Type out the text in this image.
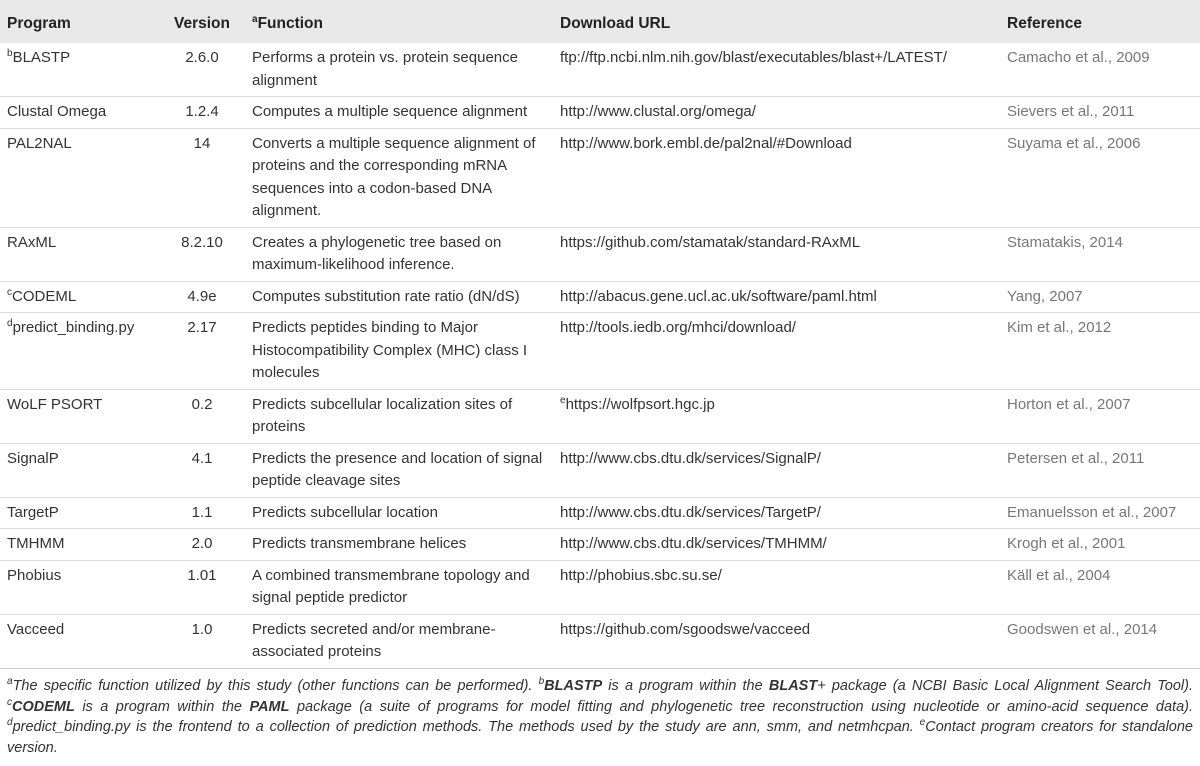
Program	Version	$^a$Function	Download URL	Reference
$^b$BLASTP	2.6.0	Performs a protein vs. protein sequence alignment	ftp://ftp.ncbi.nlm.nih.gov/blast/executables/blast+/LATEST/	Camacho et al., 2009
Clustal Omega	1.2.4	Computes a multiple sequence alignment	http://www.clustal.org/omega/	Sievers et al., 2011
PAL2NAL	14	Converts a multiple sequence alignment of proteins and the corresponding mRNA sequences into a codon-based DNA alignment.	http://www.bork.embl.de/pal2nal/#Download	Suyama et al., 2006
RAxML	8.2.10	Creates a phylogenetic tree based on maximum-likelihood inference.	https://github.com/stamatak/standard-RAxML	Stamatakis, 2014
$^c$CODEML	4.9e	Computes substitution rate ratio (dN/dS)	http://abacus.gene.ucl.ac.uk/software/paml.html	Yang, 2007
$^d$predict_binding.py	2.17	Predicts peptides binding to Major Histocompatibility Complex (MHC) class I molecules	http://tools.iedb.org/mhci/download/	Kim et al., 2012
WoLF PSORT	0.2	Predicts subcellular localization sites of proteins	$^e$https://wolfpsort.hgc.jp	Horton et al., 2007
SignalP	4.1	Predicts the presence and location of signal peptide cleavage sites	http://www.cbs.dtu.dk/services/SignalP/	Petersen et al., 2011
TargetP	1.1	Predicts subcellular location	http://www.cbs.dtu.dk/services/TargetP/	Emanuelsson et al., 2007
TMHMM	2.0	Predicts transmembrane helices	http://www.cbs.dtu.dk/services/TMHMM/	Krogh et al., 2001
Phobius	1.01	A combined transmembrane topology and signal peptide predictor	http://phobius.sbc.su.se/	Käll et al., 2004
Vacceed	1.0	Predicts secreted and/or membrane-associated proteins	https://github.com/sgoodswe/vacceed	Goodswen et al., 2014
$^a$The specific function utilized by this study (other functions can be performed). $^b$BLASTP is a program within the BLAST+ package (a NCBI Basic Local Alignment Search Tool). $^c$CODEML is a program within the PAML package (a suite of programs for model fitting and phylogenetic tree reconstruction using nucleotide or amino-acid sequence data). $^d$predict_binding.py is the frontend to a collection of prediction methods. The methods used by the study are ann, smm, and netmhcpan. $^e$Contact program creators for standalone version.
